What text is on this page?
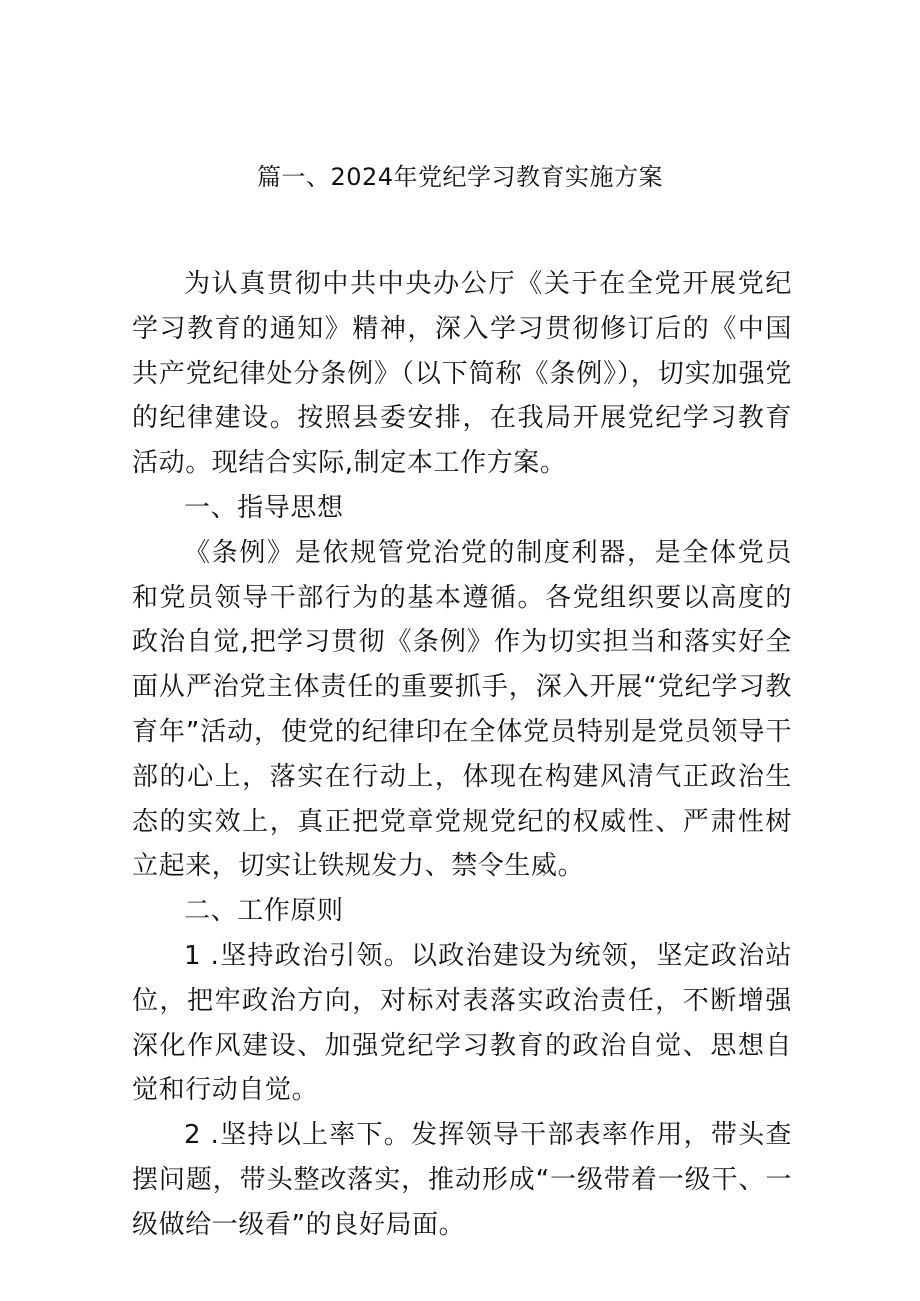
篇一、2024年党纪学习教育实施方案

为认真贯彻中共中央办公厅《关于在全党开展党纪学习教育的通知》精神，深入学习贯彻修订后的《中国共产党纪律处分条例》（以下简称《条例》），切实加强党的纪律建设。按照县委安排，在我局开展党纪学习教育活动。现结合实际,制定本工作方案。

一、指导思想

《条例》是依规管党治党的制度利器，是全体党员和党员领导干部行为的基本遵循。各党组织要以高度的政治自觉,把学习贯彻《条例》作为切实担当和落实好全面从严治党主体责任的重要抓手，深入开展“党纪学习教育年”活动，使党的纪律印在全体党员特别是党员领导干部的心上，落实在行动上，体现在构建风清气正政治生态的实效上，真正把党章党规党纪的权威性、严肃性树立起来，切实让铁规发力、禁令生威。

二、工作原则

1 .坚持政治引领。以政治建设为统领，坚定政治站位，把牢政治方向，对标对表落实政治责任，不断增强深化作风建设、加强党纪学习教育的政治自觉、思想自觉和行动自觉。

2 .坚持以上率下。发挥领导干部表率作用，带头查摆问题，带头整改落实，推动形成“一级带着一级干、一级做给一级看”的良好局面。
